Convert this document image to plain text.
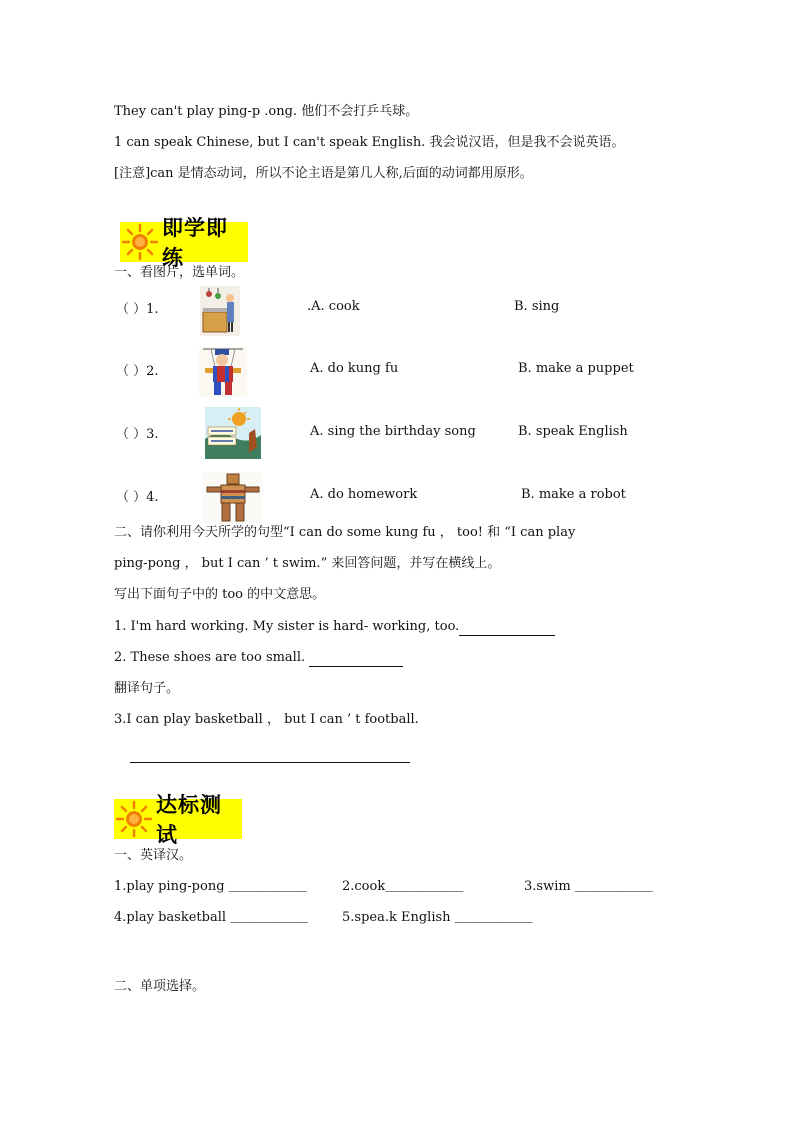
They can't play ping-p .ong. 他们不会打乒乓球。
1 can speak Chinese, but I can't speak English. 我会说汉语，但是我不会说英语。
[注意]can 是情态动词，所以不论主语是第几人称,后面的动词都用原形。
即学即练
一、看图片，选单词。
（ ）1.	.A. cook	B. sing
（ ）2.	A. do kung fu	B. make a puppet
（ ）3.	A. sing the birthday song	B. speak English
（ ）4.	A. do homework	B. make a robot
二、请你利用今天所学的句型“I can do some kung fu ， too! 和 “I can play
ping-pong ， but I can ’ t swim.” 来回答问题，并写在横线上。
写出下面句子中的 too 的中文意思。
1. I'm hard working. My sister is hard- working, too.
2. These shoes are too small.
翻译句子。
3.I can play basketball ， but I can ’ t football.
达标测试
一、英译汉。
1.play ping-pong ＿＿＿＿＿＿	2.cook＿＿＿＿＿＿	3.swim ＿＿＿＿＿＿
4.play basketball ＿＿＿＿＿＿	5.spea.k English ＿＿＿＿＿＿
二、单项选择。
